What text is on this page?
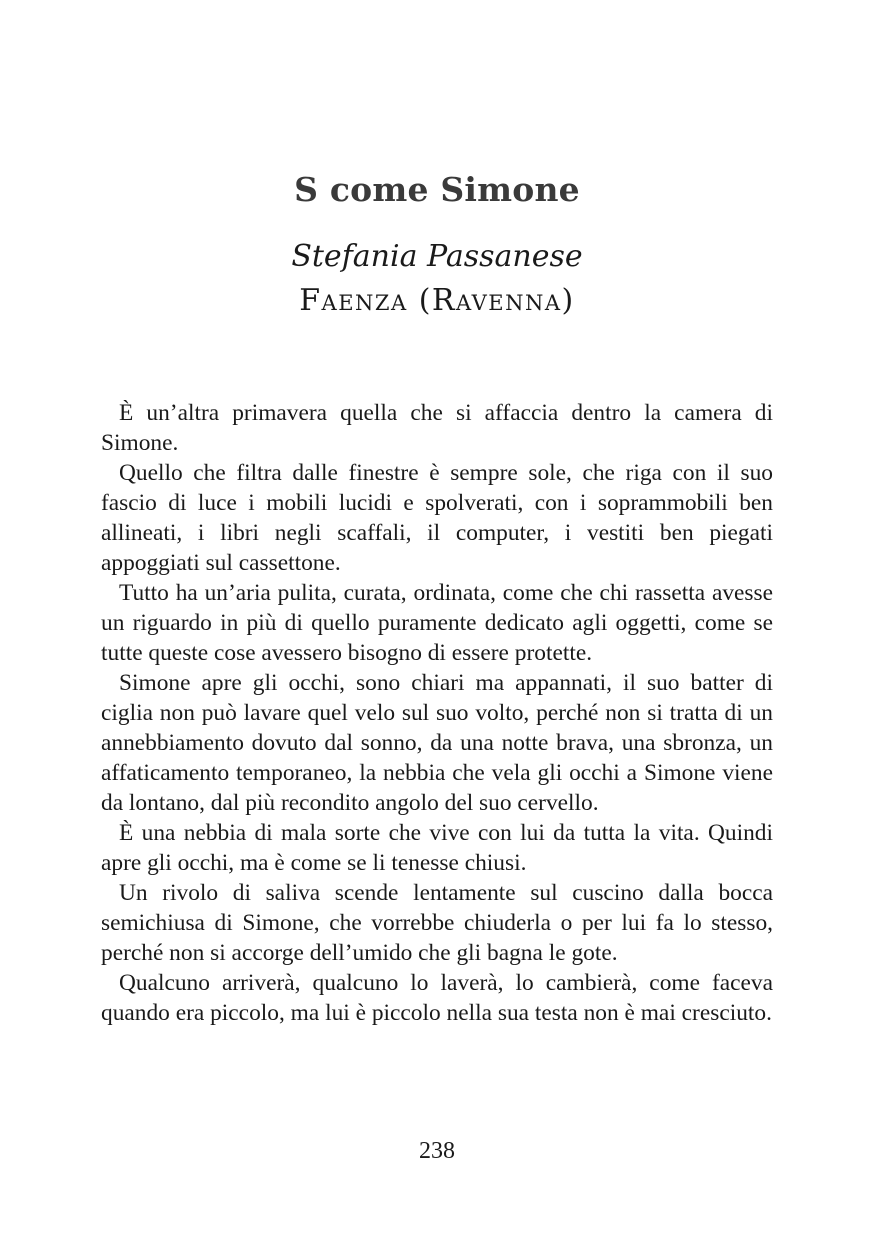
S come Simone
Stefania Passanese
Faenza (Ravenna)

È un’altra primavera quella che si affaccia dentro la camera di Simone.

Quello che filtra dalle finestre è sempre sole, che riga con il suo fascio di luce i mobili lucidi e spolverati, con i soprammobili ben allineati, i libri negli scaffali, il computer, i vestiti ben piegati appoggiati sul cassettone.

Tutto ha un’aria pulita, curata, ordinata, come che chi rassetta avesse un riguardo in più di quello puramente dedicato agli oggetti, come se tutte queste cose avessero bisogno di essere protette.

Simone apre gli occhi, sono chiari ma appannati, il suo batter di ciglia non può lavare quel velo sul suo volto, perché non si tratta di un annebbiamento dovuto dal sonno, da una notte brava, una sbronza, un affaticamento temporaneo, la nebbia che vela gli occhi a Simone viene da lontano, dal più recondito angolo del suo cervello.

È una nebbia di mala sorte che vive con lui da tutta la vita. Quindi apre gli occhi, ma è come se li tenesse chiusi.

Un rivolo di saliva scende lentamente sul cuscino dalla bocca semichiusa di Simone, che vorrebbe chiuderla o per lui fa lo stesso, perché non si accorge dell’umido che gli bagna le gote.

Qualcuno arriverà, qualcuno lo laverà, lo cambierà, come faceva quando era piccolo, ma lui è piccolo nella sua testa non è mai cresciuto.

238
